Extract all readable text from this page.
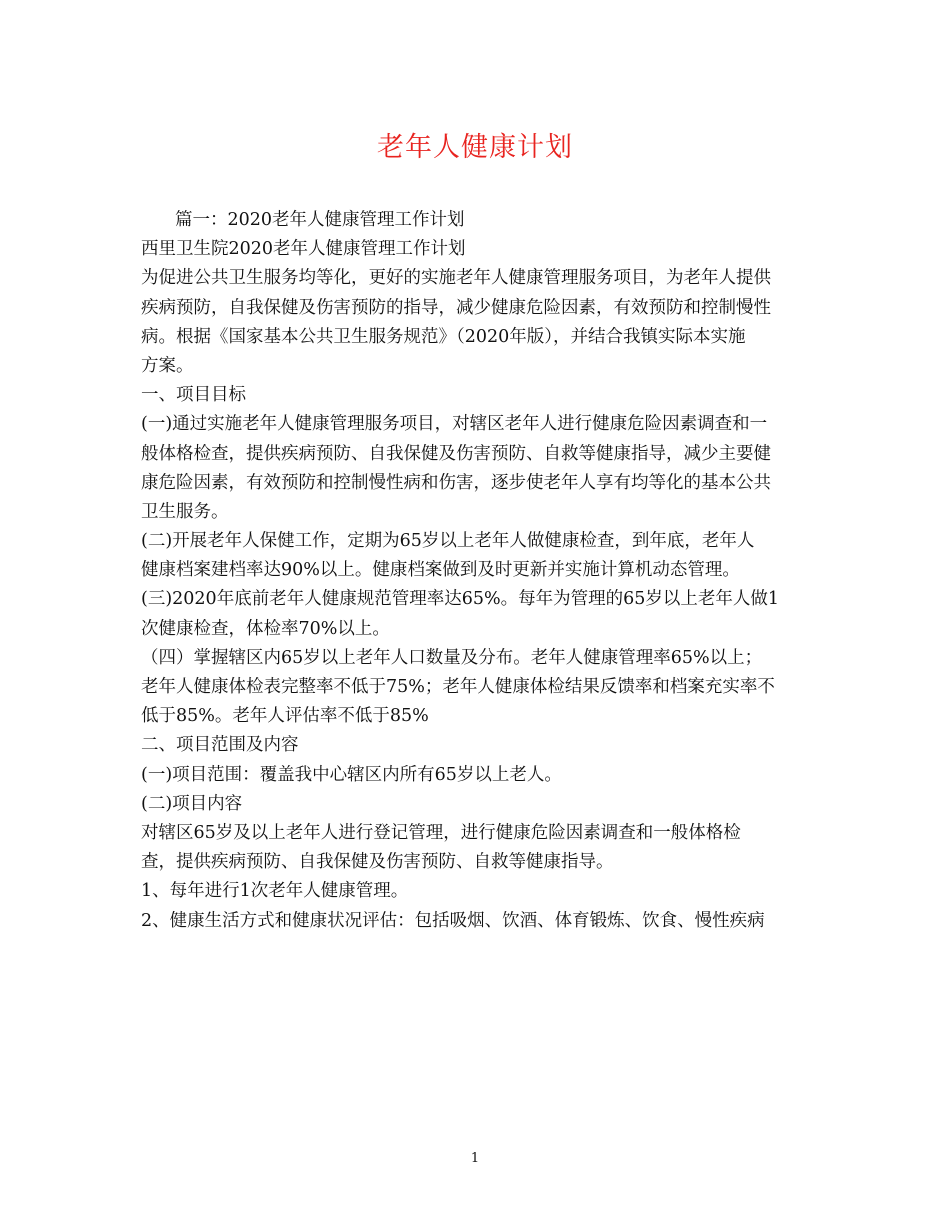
老年人健康计划
篇一：2020老年人健康管理工作计划
西里卫生院2020老年人健康管理工作计划
为促进公共卫生服务均等化，更好的实施老年人健康管理服务项目，为老年人提供
疾病预防，自我保健及伤害预防的指导，减少健康危险因素，有效预防和控制慢性
病。根据《国家基本公共卫生服务规范》（2020年版），并结合我镇实际本实施
方案。
一、项目目标
(一)通过实施老年人健康管理服务项目，对辖区老年人进行健康危险因素调查和一
般体格检查，提供疾病预防、自我保健及伤害预防、自救等健康指导，减少主要健
康危险因素，有效预防和控制慢性病和伤害，逐步使老年人享有均等化的基本公共
卫生服务。
(二)开展老年人保健工作，定期为65岁以上老年人做健康检查，到年底，老年人
健康档案建档率达90%以上。健康档案做到及时更新并实施计算机动态管理。
(三)2020年底前老年人健康规范管理率达65%。每年为管理的65岁以上老年人做1
次健康检查，体检率70%以上。
（四）掌握辖区内65岁以上老年人口数量及分布。老年人健康管理率65%以上；
老年人健康体检表完整率不低于75%；老年人健康体检结果反馈率和档案充实率不
低于85%。老年人评估率不低于85%
二、项目范围及内容
(一)项目范围：覆盖我中心辖区内所有65岁以上老人。
(二)项目内容
对辖区65岁及以上老年人进行登记管理，进行健康危险因素调查和一般体格检
查，提供疾病预防、自我保健及伤害预防、自救等健康指导。
1、每年进行1次老年人健康管理。
2、健康生活方式和健康状况评估：包括吸烟、饮酒、体育锻炼、饮食、慢性疾病
1
